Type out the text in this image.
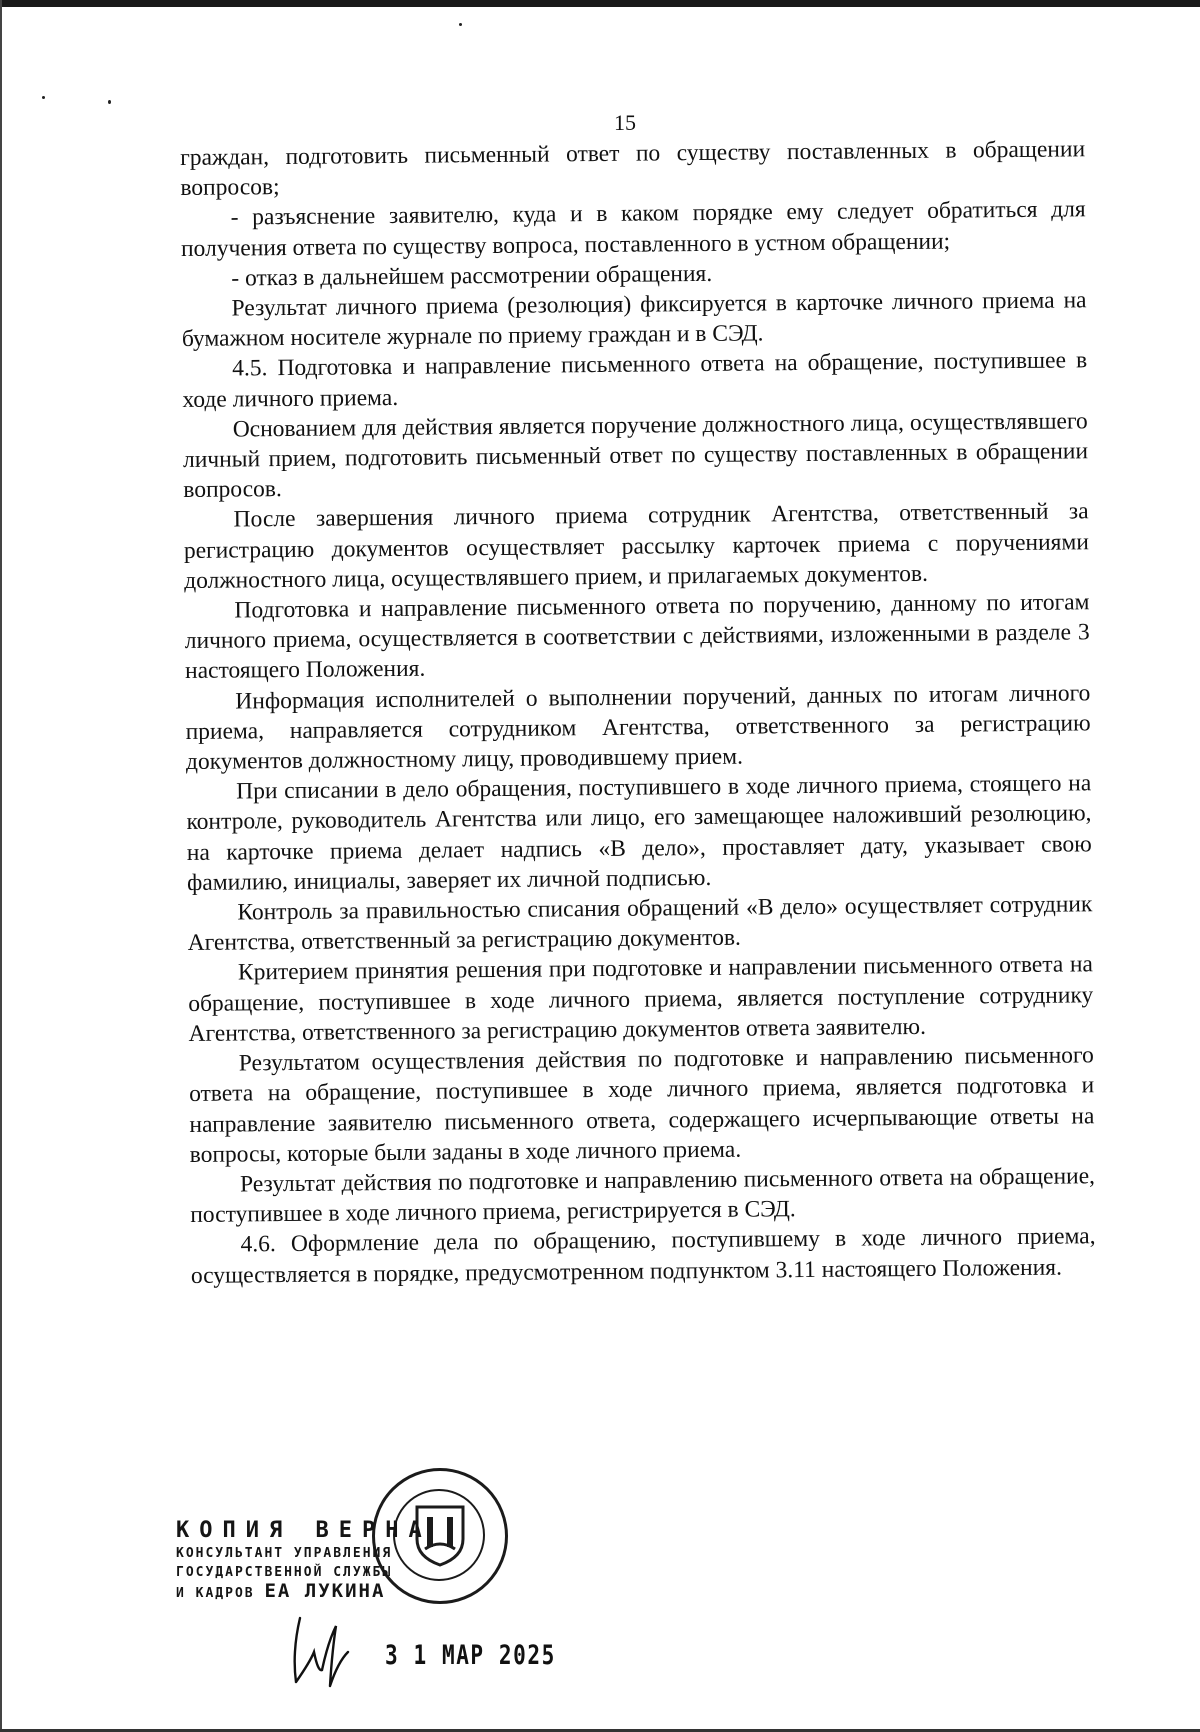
15

граждан, подготовить письменный ответ по существу поставленных в обращении вопросов;

- разъяснение заявителю, куда и в каком порядке ему следует обратиться для получения ответа по существу вопроса, поставленного в устном обращении;

- отказ в дальнейшем рассмотрении обращения.

Результат личного приема (резолюция) фиксируется в карточке личного приема на бумажном носителе журнале по приему граждан и в СЭД.

4.5. Подготовка и направление письменного ответа на обращение, поступившее в ходе личного приема.

Основанием для действия является поручение должностного лица, осуществлявшего личный прием, подготовить письменный ответ по существу поставленных в обращении вопросов.

После завершения личного приема сотрудник Агентства, ответственный за регистрацию документов осуществляет рассылку карточек приема с поручениями должностного лица, осуществлявшего прием, и прилагаемых документов.

Подготовка и направление письменного ответа по поручению, данному по итогам личного приема, осуществляется в соответствии с действиями, изложенными в разделе 3 настоящего Положения.

Информация исполнителей о выполнении поручений, данных по итогам личного приема, направляется сотрудником Агентства, ответственного за регистрацию документов должностному лицу, проводившему прием.

При списании в дело обращения, поступившего в ходе личного приема, стоящего на контроле, руководитель Агентства или лицо, его замещающее наложивший резолюцию, на карточке приема делает надпись «В дело», проставляет дату, указывает свою фамилию, инициалы, заверяет их личной подписью.

Контроль за правильностью списания обращений «В дело» осуществляет сотрудник Агентства, ответственный за регистрацию документов.

Критерием принятия решения при подготовке и направлении письменного ответа на обращение, поступившее в ходе личного приема, является поступление сотруднику Агентства, ответственного за регистрацию документов ответа заявителю.

Результатом осуществления действия по подготовке и направлению письменного ответа на обращение, поступившее в ходе личного приема, является подготовка и направление заявителю письменного ответа, содержащего исчерпывающие ответы на вопросы, которые были заданы в ходе личного приема.

Результат действия по подготовке и направлению письменного ответа на обращение, поступившее в ходе личного приема, регистрируется в СЭД.

4.6. Оформление дела по обращению, поступившему в ходе личного приема, осуществляется в порядке, предусмотренном подпунктом 3.11 настоящего Положения.

КОПИЯ ВЕРНА
КОНСУЛЬТАНТ УПРАВЛЕНИЯ
ГОСУДАРСТВЕННОЙ СЛУЖБЫ
И КАДРОВ ЕА ЛУКИНА
3 1 МАР 2025
